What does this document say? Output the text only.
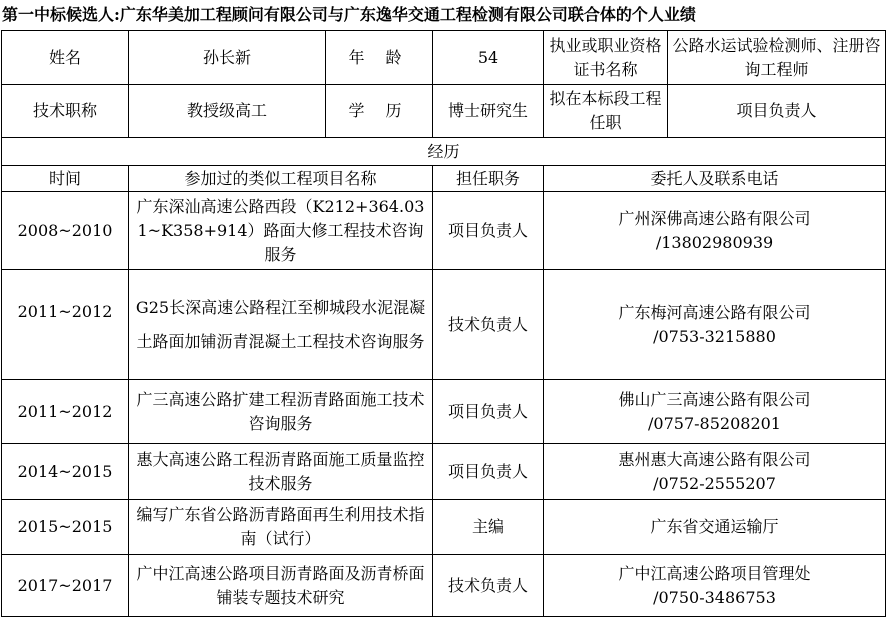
第一中标候选人:广东华美加工程顾问有限公司与广东逸华交通工程检测有限公司联合体的个人业绩
姓名	孙长新	年 龄	54	执业或职业资格证书名称	公路水运试验检测师、注册咨询工程师
技术职称	教授级高工	学 历	博士研究生	拟在本标段工程任职	项目负责人
经历					
时间	参加过的类似工程项目名称		担任职务	委托人及联系电话	
2008~2010	广东深汕高速公路西段（K212+364.031~K358+914）路面大修工程技术咨询服务		项目负责人	广州深佛高速公路有限公司
/13802980939	

2011~2012	G25长深高速公路程江至柳城段水泥混凝土路面加铺沥青混凝土工程技术咨询服务		技术负责人	广东梅河高速公路有限公司
/0753-3215880	

2011~2012	广三高速公路扩建工程沥青路面施工技术咨询服务		项目负责人	佛山广三高速公路有限公司
/0757-85208201	

2014~2015	惠大高速公路工程沥青路面施工质量监控技术服务		项目负责人	惠州惠大高速公路有限公司
/0752-2555207	

2015~2015	编写广东省公路沥青路面再生利用技术指南（试行）		主编	广东省交通运输厅	

2017~2017	广中江高速公路项目沥青路面及沥青桥面铺装专题技术研究		技术负责人	广中江高速公路项目管理处
/0750-3486753	
